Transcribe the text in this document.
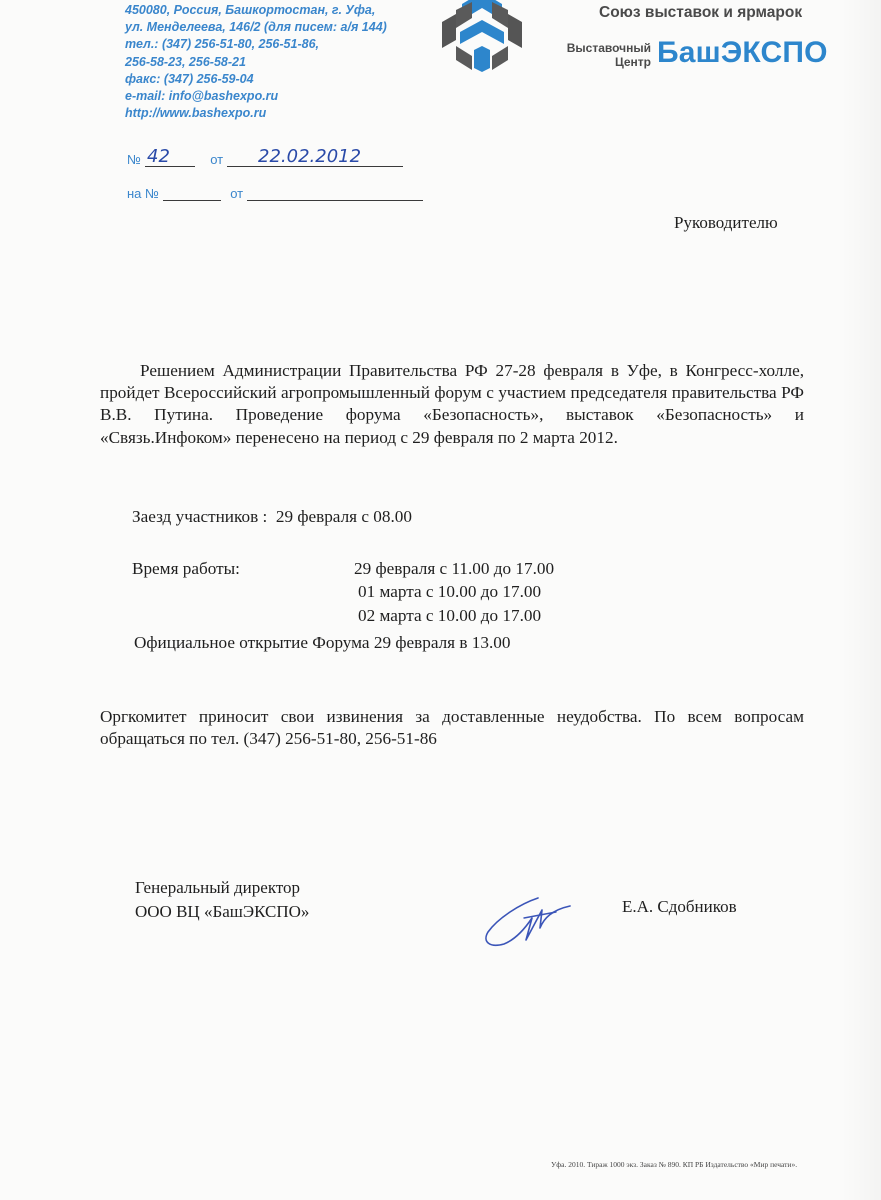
450080, Россия, Башкортостан, г. Уфа,
ул. Менделеева, 146/2 (для писем: а/я 144)
тел.: (347) 256-51-80, 256-51-86,
256-58-23, 256-58-21
факс: (347) 256-59-04
e-mail: info@bashexpo.ru
http://www.bashexpo.ru
Союз выставок и ярмарок
Выставочный
Центр БашЭКСПО
№	от
42	22.02.2012
на №	от
Руководителю

Решением Администрации Правительства РФ 27-28 февраля в Уфе, в Конгресс-холле, пройдет Всероссийский агропромышленный форум с участием председателя правительства РФ В.В. Путина. Проведение форума «Безопасность», выставок «Безопасность» и «Связь.Инфоком» перенесено на период с 29 февраля по 2 марта 2012.

Заезд участников :  29 февраля с 08.00
Время работы:	29 февраля с 11.00 до 17.00
01 марта с 10.00 до 17.00
02 марта с 10.00 до 17.00
Официальное открытие Форума 29 февраля в 13.00

Оргкомитет приносит свои извинения за доставленные неудобства. По всем вопросам обращаться по тел. (347) 256-51-80, 256-51-86

Генеральный директор
ООО ВЦ «БашЭКСПО»	Е.А. Сдобников
Уфа. 2010. Тираж 1000 экз. Заказ № 890. КП РБ Издательство «Мир печати».
